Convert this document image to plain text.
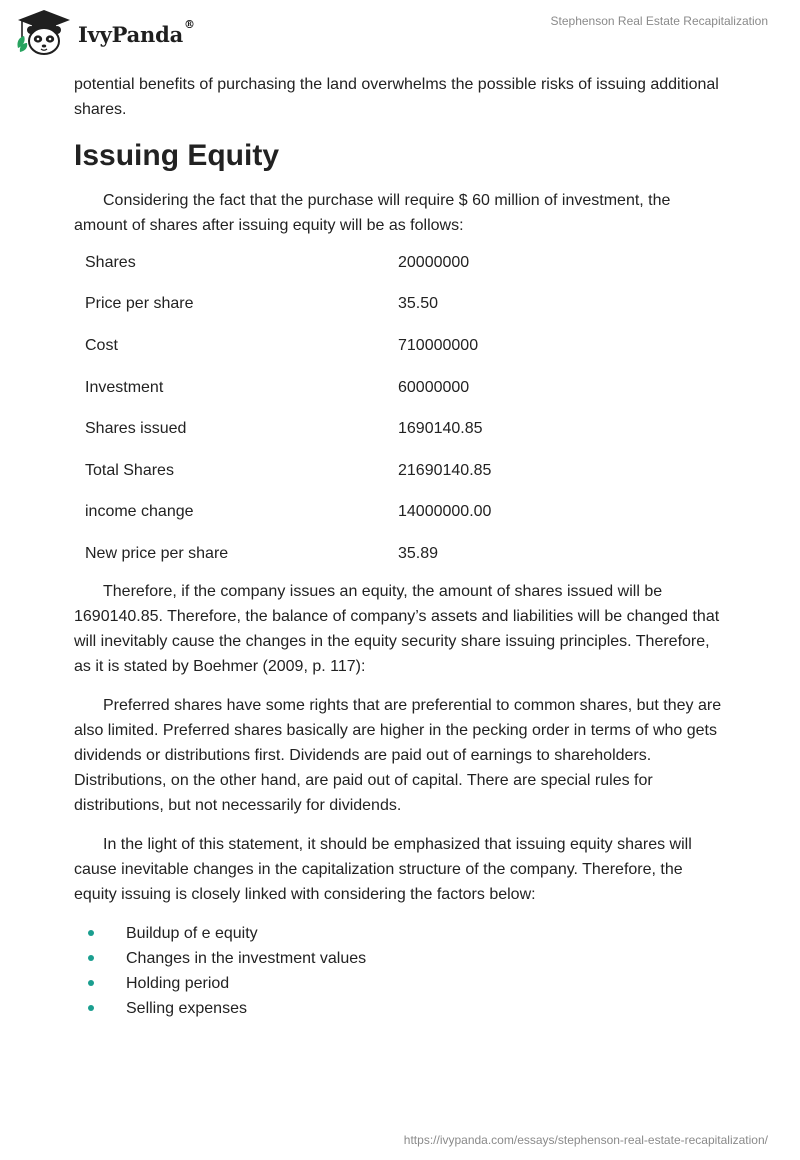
IvyPanda®	Stephenson Real Estate Recapitalization

potential benefits of purchasing the land overwhelms the possible risks of issuing additional shares.

Issuing Equity

Considering the fact that the purchase will require $ 60 million of investment, the amount of shares after issuing equity will be as follows:

Shares	20000000
Price per share	35.50
Cost	710000000
Investment	60000000
Shares issued	1690140.85
Total Shares	21690140.85
income change	14000000.00
New price per share	35.89

Therefore, if the company issues an equity, the amount of shares issued will be 1690140.85. Therefore, the balance of company’s assets and liabilities will be changed that will inevitably cause the changes in the equity security share issuing principles. Therefore, as it is stated by Boehmer (2009, p. 117):

Preferred shares have some rights that are preferential to common shares, but they are also limited. Preferred shares basically are higher in the pecking order in terms of who gets dividends or distributions first. Dividends are paid out of earnings to shareholders. Distributions, on the other hand, are paid out of capital. There are special rules for distributions, but not necessarily for dividends.

In the light of this statement, it should be emphasized that issuing equity shares will cause inevitable changes in the capitalization structure of the company. Therefore, the equity issuing is closely linked with considering the factors below:

Buildup of e equity
Changes in the investment values
Holding period
Selling expenses
https://ivypanda.com/essays/stephenson-real-estate-recapitalization/
